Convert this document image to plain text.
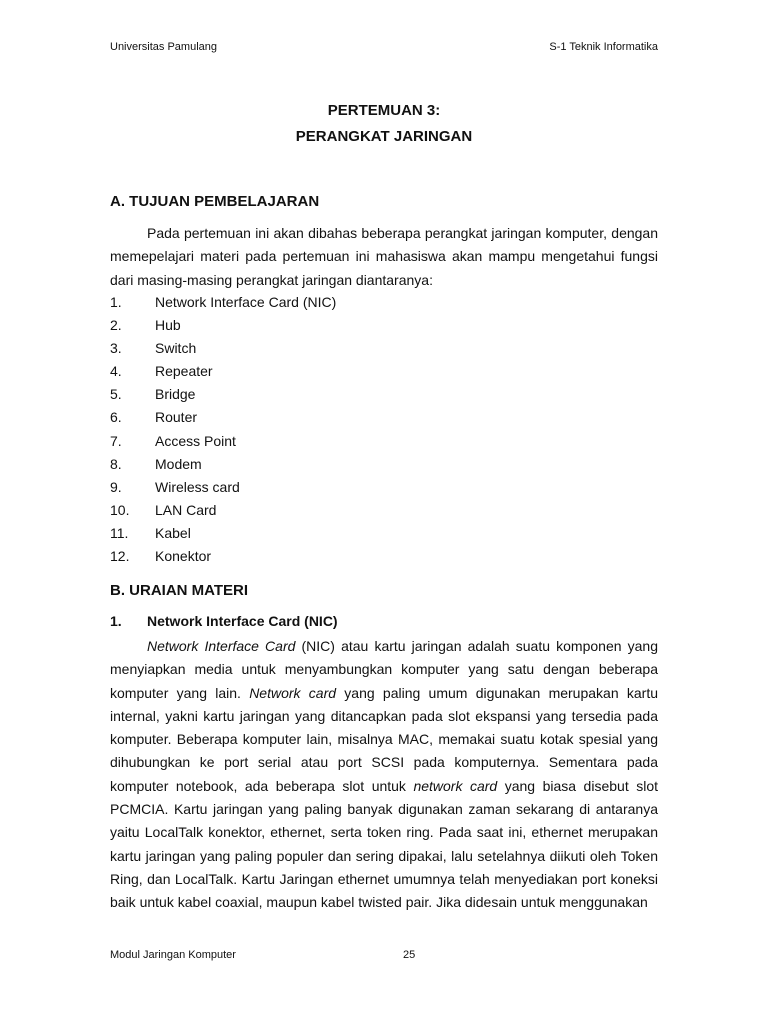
Universitas Pamulang	S-1 Teknik Informatika
PERTEMUAN 3:
PERANGKAT JARINGAN
A. TUJUAN PEMBELAJARAN

Pada pertemuan ini akan dibahas beberapa perangkat jaringan komputer, dengan memepelajari materi pada pertemuan ini mahasiswa akan mampu mengetahui fungsi dari masing-masing perangkat jaringan diantaranya:

1. Network Interface Card (NIC)
2. Hub
3. Switch
4. Repeater
5. Bridge
6. Router
7. Access Point
8. Modem
9. Wireless card
10. LAN Card
11. Kabel
12. Konektor
B. URAIAN MATERI
1. Network Interface Card (NIC)

Network Interface Card (NIC) atau kartu jaringan adalah suatu komponen yang menyiapkan media untuk menyambungkan komputer yang satu dengan beberapa komputer yang lain. Network card yang paling umum digunakan merupakan kartu internal, yakni kartu jaringan yang ditancapkan pada slot ekspansi yang tersedia pada komputer. Beberapa komputer lain, misalnya MAC, memakai suatu kotak spesial yang dihubungkan ke port serial atau port SCSI pada komputernya. Sementara pada komputer notebook, ada beberapa slot untuk network card yang biasa disebut slot PCMCIA. Kartu jaringan yang paling banyak digunakan zaman sekarang di antaranya yaitu LocalTalk konektor, ethernet, serta token ring. Pada saat ini, ethernet merupakan kartu jaringan yang paling populer dan sering dipakai, lalu setelahnya diikuti oleh Token Ring, dan LocalTalk. Kartu Jaringan ethernet umumnya telah menyediakan port koneksi baik untuk kabel coaxial, maupun kabel twisted pair. Jika didesain untuk menggunakan

Modul Jaringan Komputer	25
